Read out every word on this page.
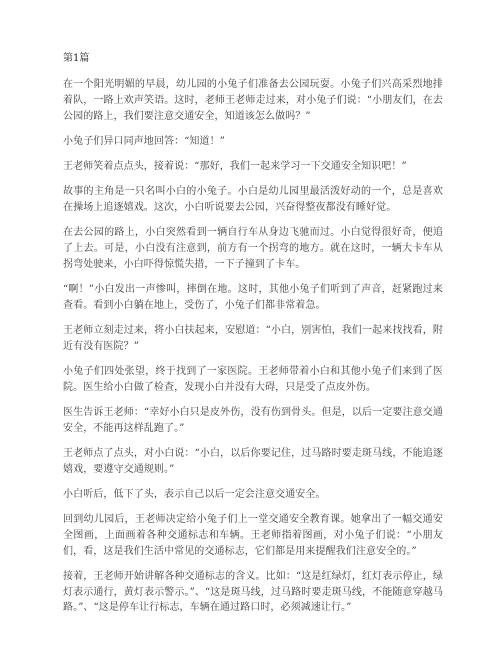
第1篇

在一个阳光明媚的早晨，幼儿园的小兔子们准备去公园玩耍。小兔子们兴高采烈地排着队，一路上欢声笑语。这时，老师王老师走过来，对小兔子们说：“小朋友们，在去公园的路上，我们要注意交通安全，知道该怎么做吗？”

小兔子们异口同声地回答：“知道！”

王老师笑着点点头，接着说：“那好，我们一起来学习一下交通安全知识吧！”

故事的主角是一只名叫小白的小兔子。小白是幼儿园里最活泼好动的一个，总是喜欢在操场上追逐嬉戏。这次，小白听说要去公园，兴奋得整夜都没有睡好觉。

在去公园的路上，小白突然看到一辆自行车从身边飞驰而过。小白觉得很好奇，便追了上去。可是，小白没有注意到，前方有一个拐弯的地方。就在这时，一辆大卡车从拐弯处驶来，小白吓得惊慌失措，一下子撞到了卡车。

“啊！”小白发出一声惨叫，摔倒在地。这时，其他小兔子们听到了声音，赶紧跑过来查看。看到小白躺在地上，受伤了，小兔子们都非常着急。

王老师立刻走过来，将小白扶起来，安慰道：“小白，别害怕，我们一起来找找看，附近有没有医院？”

小兔子们四处张望，终于找到了一家医院。王老师带着小白和其他小兔子们来到了医院。医生给小白做了检查，发现小白并没有大碍，只是受了点皮外伤。

医生告诉王老师：“幸好小白只是皮外伤，没有伤到骨头。但是，以后一定要注意交通安全，不能再这样乱跑了。”

王老师点了点头，对小白说：“小白，以后你要记住，过马路时要走斑马线，不能追逐嬉戏，要遵守交通规则。”

小白听后，低下了头，表示自己以后一定会注意交通安全。

回到幼儿园后，王老师决定给小兔子们上一堂交通安全教育课。她拿出了一幅交通安全图画，上面画着各种交通标志和车辆。王老师指着图画，对小兔子们说：“小朋友们，看，这是我们生活中常见的交通标志，它们都是用来提醒我们注意安全的。”

接着，王老师开始讲解各种交通标志的含义。比如：“这是红绿灯，红灯表示停止，绿灯表示通行，黄灯表示警示。”、“这是斑马线，过马路时要走斑马线，不能随意穿越马路。”、“这是停车让行标志，车辆在通过路口时，必须减速让行。”
